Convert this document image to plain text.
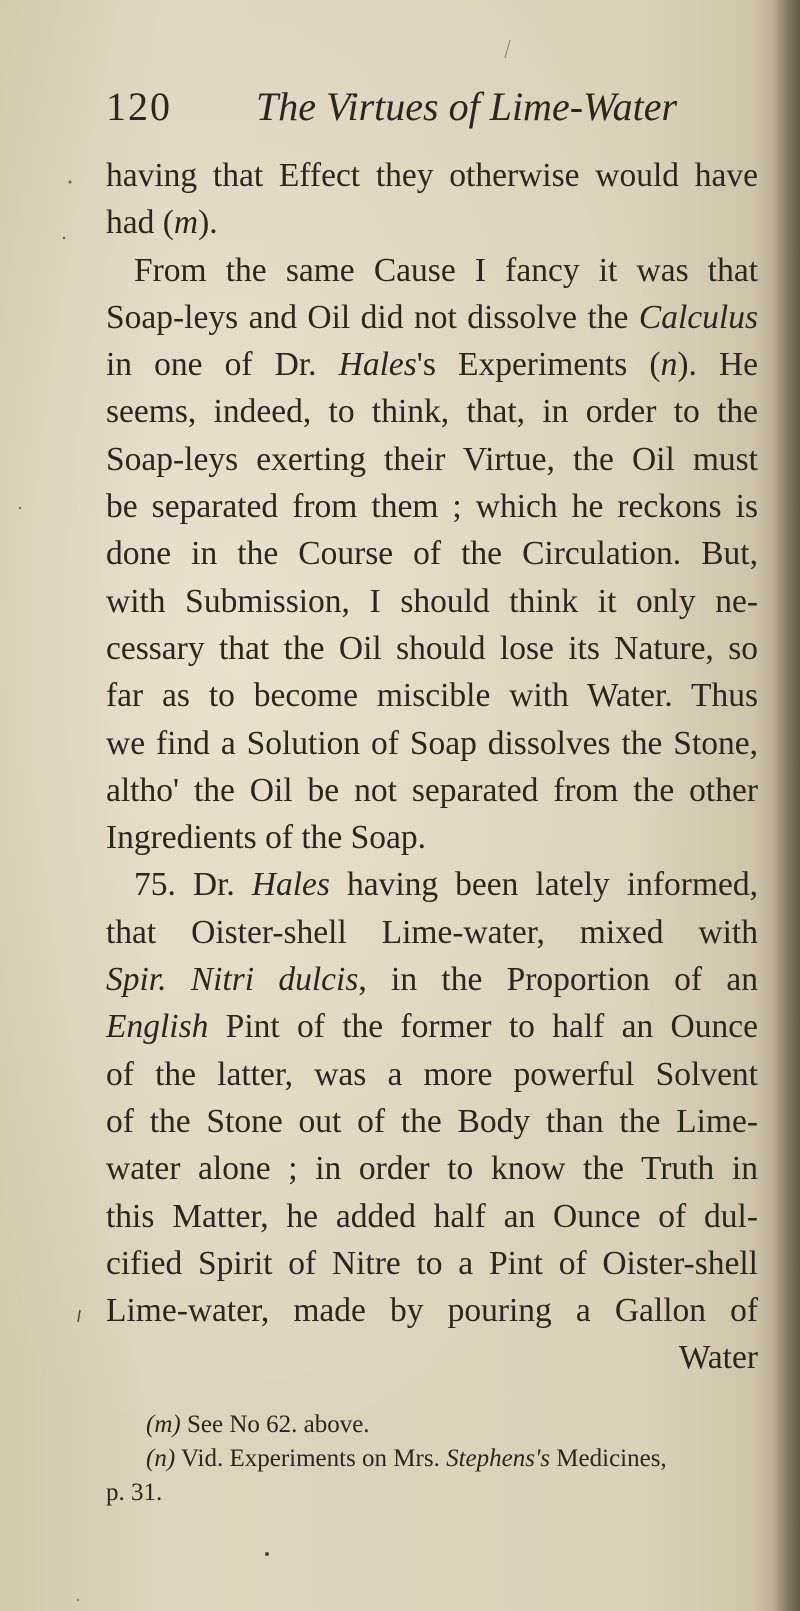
120 The Virtues of Lime-Water
having that Effect they otherwise would have
had (m).
From the same Cause I fancy it was that
Soap-leys and Oil did not dissolve the Calculus
in one of Dr. Hales's Experiments (n). He
seems, indeed, to think, that, in order to the
Soap-leys exerting their Virtue, the Oil must
be separated from them ; which he reckons is
done in the Course of the Circulation. But,
with Submission, I should think it only ne-
cessary that the Oil should lose its Nature, so
far as to become miscible with Water. Thus
we find a Solution of Soap dissolves the Stone,
altho' the Oil be not separated from the other
Ingredients of the Soap.
75. Dr. Hales having been lately informed,
that Oister-shell Lime-water, mixed with
Spir. Nitri dulcis, in the Proportion of an
English Pint of the former to half an Ounce
of the latter, was a more powerful Solvent
of the Stone out of the Body than the Lime-
water alone ; in order to know the Truth in
this Matter, he added half an Ounce of dul-
cified Spirit of Nitre to a Pint of Oister-shell
Lime-water, made by pouring a Gallon of
Water
(m) See No 62. above.
(n) Vid. Experiments on Mrs. Stephens's Medicines,
p. 31.
